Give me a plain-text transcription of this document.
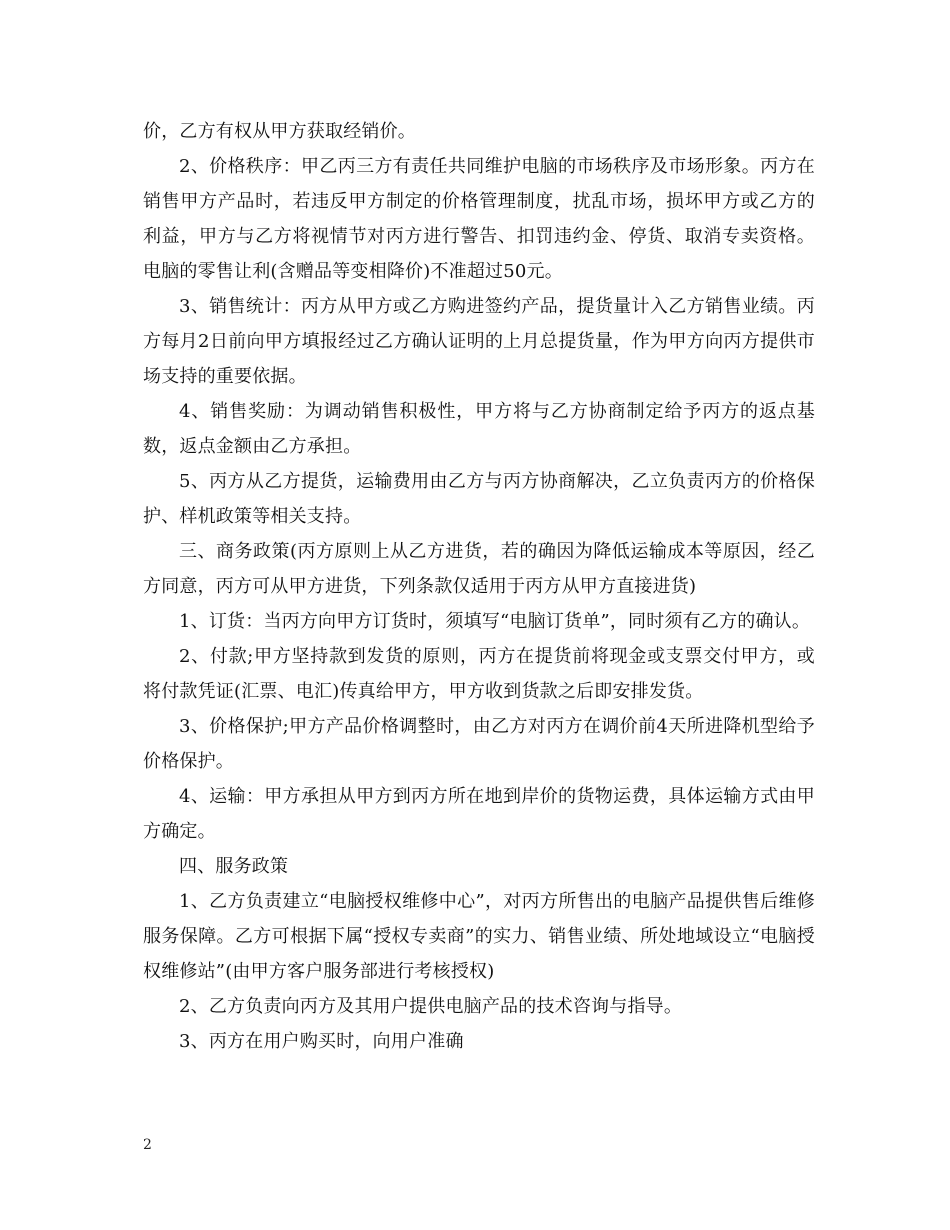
价，乙方有权从甲方获取经销价。

2、价格秩序：甲乙丙三方有责任共同维护电脑的市场秩序及市场形象。丙方在销售甲方产品时，若违反甲方制定的价格管理制度，扰乱市场，损坏甲方或乙方的利益，甲方与乙方将视情节对丙方进行警告、扣罚违约金、停货、取消专卖资格。电脑的零售让利(含赠品等变相降价)不准超过50元。

3、销售统计：丙方从甲方或乙方购进签约产品，提货量计入乙方销售业绩。丙方每月2日前向甲方填报经过乙方确认证明的上月总提货量，作为甲方向丙方提供市场支持的重要依据。

4、销售奖励：为调动销售积极性，甲方将与乙方协商制定给予丙方的返点基数，返点金额由乙方承担。

5、丙方从乙方提货，运输费用由乙方与丙方协商解决，乙立负责丙方的价格保护、样机政策等相关支持。

三、商务政策(丙方原则上从乙方进货，若的确因为降低运输成本等原因，经乙方同意，丙方可从甲方进货，下列条款仅适用于丙方从甲方直接进货)

1、订货：当丙方向甲方订货时，须填写“电脑订货单”，同时须有乙方的确认。

2、付款;甲方坚持款到发货的原则，丙方在提货前将现金或支票交付甲方，或将付款凭证(汇票、电汇)传真给甲方，甲方收到货款之后即安排发货。

3、价格保护;甲方产品价格调整时，由乙方对丙方在调价前4天所进降机型给予价格保护。

4、运输：甲方承担从甲方到丙方所在地到岸价的货物运费，具体运输方式由甲方确定。

四、服务政策

1、乙方负责建立“电脑授权维修中心”，对丙方所售出的电脑产品提供售后维修服务保障。乙方可根据下属“授权专卖商”的实力、销售业绩、所处地域设立“电脑授权维修站”(由甲方客户服务部进行考核授权)

2、乙方负责向丙方及其用户提供电脑产品的技术咨询与指导。

3、丙方在用户购买时，向用户准确

2
